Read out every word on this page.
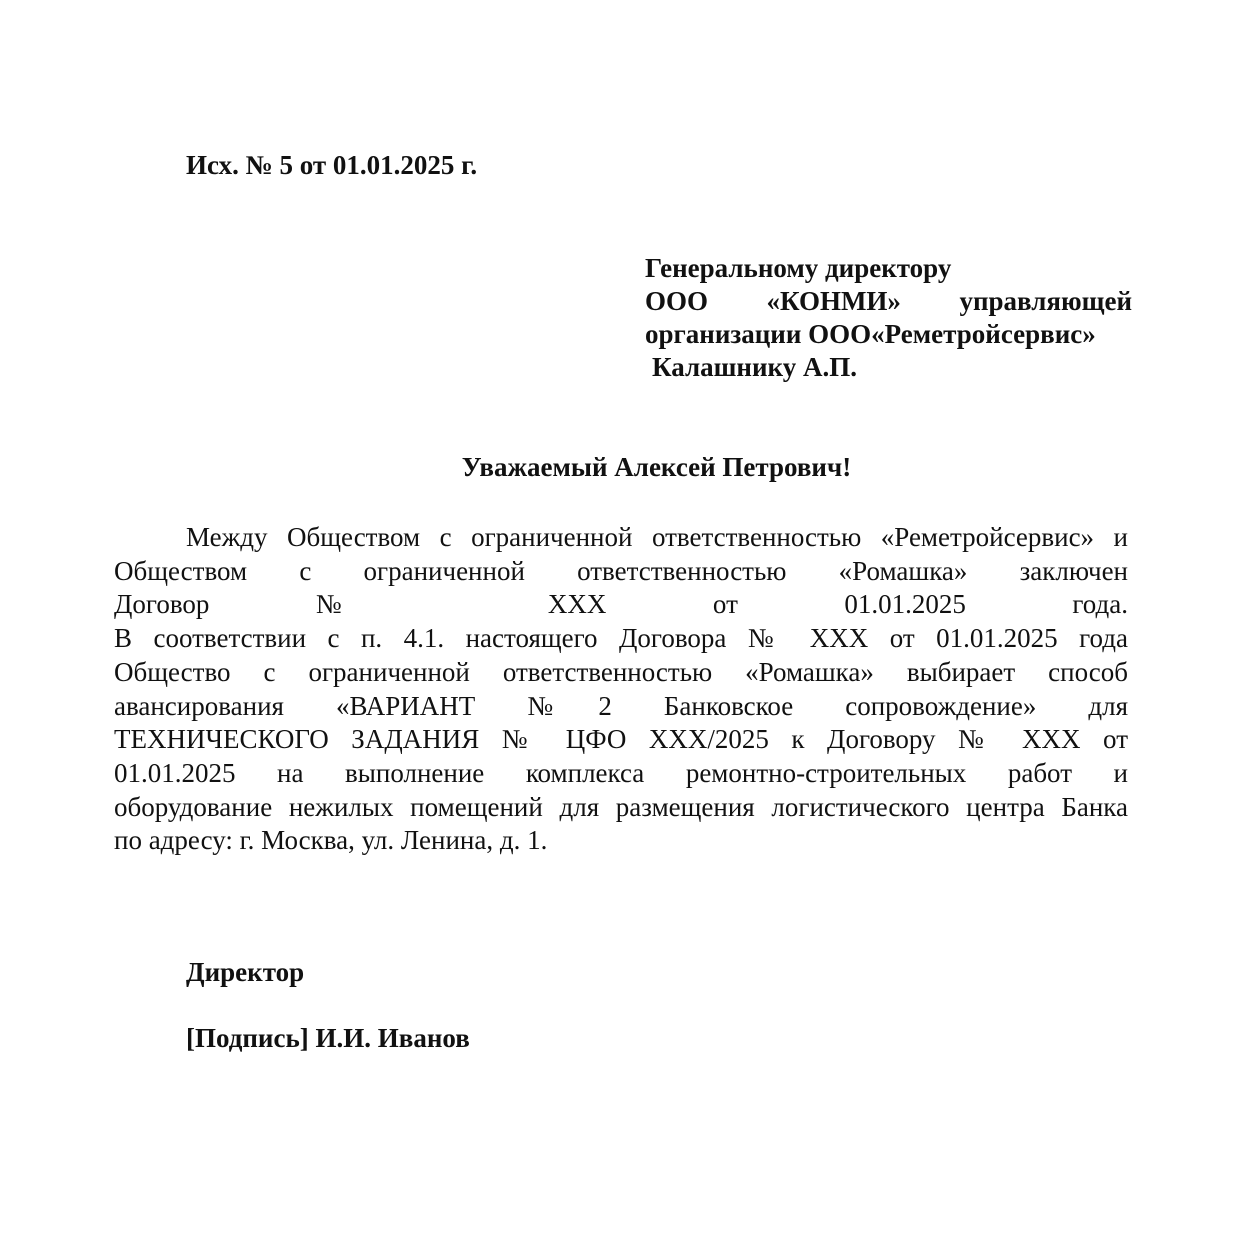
Исх. № 5 от 01.01.2025 г.
Генеральному директору
ООО «КОНМИ» управляющей
организации ООО«Реметройсервис»
Калашнику А.П.
Уважаемый Алексей Петрович!
Между Обществом с ограниченной ответственностью «Реметройсервис» и
Обществом с ограниченной ответственностью «Ромашка» заключен
Договор № ХХХ от 01.01.2025 года.
В соответствии с п. 4.1. настоящего Договора № ХХХ от 01.01.2025 года
Общество с ограниченной ответственностью «Ромашка» выбирает способ
авансирования «ВАРИАНТ №2 Банковское сопровождение» для
ТЕХНИЧЕСКОГО ЗАДАНИЯ № ЦФО ХХХ/2025 к Договору № ХХХ от
01.01.2025 на выполнение комплекса ремонтно-строительных работ и
оборудование нежилых помещений для размещения логистического центра Банка
по адресу: г. Москва, ул. Ленина, д. 1.
Директор
[Подпись] И.И. Иванов
